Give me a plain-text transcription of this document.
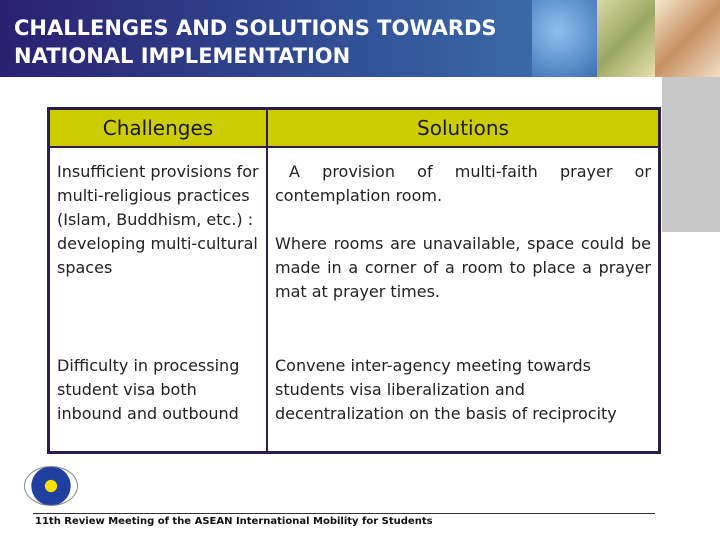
CHALLENGES AND SOLUTIONS TOWARDS
NATIONAL IMPLEMENTATION
Challenges	Solutions
Insufficient provisions for multi-religious practices (Islam, Buddhism, etc.) : developing multi-cultural spaces	A provision of multi-faith prayer or contemplation room.
Where rooms are unavailable, space could be made in a corner of a room to place a prayer mat at prayer times.

Difficulty in processing student visa both inbound and outbound	Convene inter-agency meeting towards students visa liberalization and decentralization on the basis of reciprocity
11th Review Meeting of the ASEAN International Mobility for Students
